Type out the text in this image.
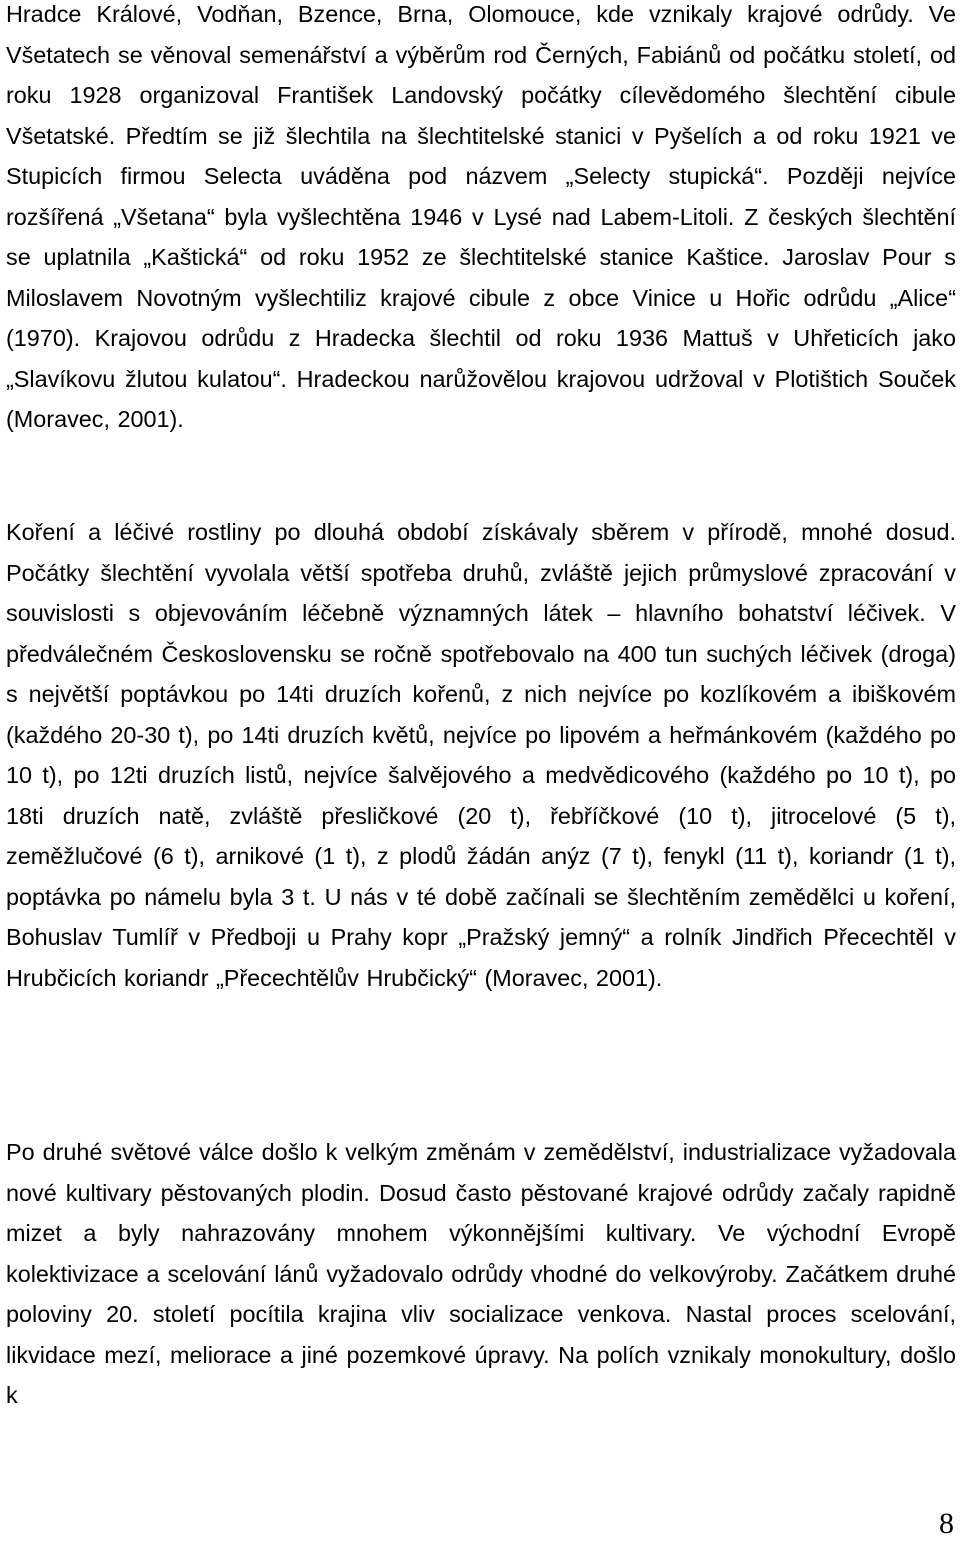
Hradce Králové, Vodňan, Bzence, Brna, Olomouce, kde vznikaly krajové odrůdy. Ve Všetatech se věnoval semenářství a výběrům rod Černých, Fabiánů od počátku století, od roku 1928 organizoval František Landovský počátky cílevědomého šlechtění cibule Všetatské. Předtím se již šlechtila na šlechtitelské stanici v Pyšelích a od roku 1921 ve Stupicích firmou Selecta uváděna pod názvem „Selecty stupická“. Později nejvíce rozšířená „Všetana“ byla vyšlechtěna 1946 v Lysé nad Labem-Litoli. Z českých šlechtění se uplatnila „Kaštická“ od roku 1952 ze šlechtitelské stanice Kaštice. Jaroslav Pour s Miloslavem Novotným vyšlechtiliz krajové cibule z obce Vinice u Hořic odrůdu „Alice“ (1970). Krajovou odrůdu z Hradecka šlechtil od roku 1936 Mattuš v Uhřeticích jako „Slavíkovu žlutou kulatou“. Hradeckou narůžovělou krajovou udržoval v Plotištich Souček (Moravec, 2001).

Koření a léčivé rostliny po dlouhá období získávaly sběrem v přírodě, mnohé dosud. Počátky šlechtění vyvolala větší spotřeba druhů, zvláště jejich průmyslové zpracování v souvislosti s objevováním léčebně významných látek – hlavního bohatství léčivek. V předválečném Československu se ročně spotřebovalo na 400 tun suchých léčivek (droga) s největší poptávkou po 14ti druzích kořenů, z nich nejvíce po kozlíkovém a ibiškovém (každého 20-30 t), po 14ti druzích květů, nejvíce po lipovém a heřmánkovém (každého po 10 t), po 12ti druzích listů, nejvíce šalvějového a medvědicového (každého po 10 t), po 18ti druzích natě, zvláště přesličkové (20 t), řebříčkové (10 t), jitrocelové (5 t), zeměžlučové (6 t), arnikové (1 t), z plodů žádán anýz (7 t), fenykl (11 t), koriandr (1 t), poptávka po námelu byla 3 t. U nás v té době začínali se šlechtěním zemědělci u koření, Bohuslav Tumlíř v Předboji u Prahy kopr „Pražský jemný“ a rolník Jindřich Přecechtěl v Hrubčicích koriandr „Přecechtělův Hrubčický“ (Moravec, 2001).

Po druhé světové válce došlo k velkým změnám v zemědělství, industrializace vyžadovala nové kultivary pěstovaných plodin. Dosud často pěstované krajové odrůdy začaly rapidně mizet a byly nahrazovány mnohem výkonnějšími kultivary. Ve východní Evropě kolektivizace a scelování lánů vyžadovalo odrůdy vhodné do velkovýroby. Začátkem druhé poloviny 20. století pocítila krajina vliv socializace venkova. Nastal proces scelování, likvidace mezí, meliorace a jiné pozemkové úpravy. Na polích vznikaly monokultury, došlo k

8
